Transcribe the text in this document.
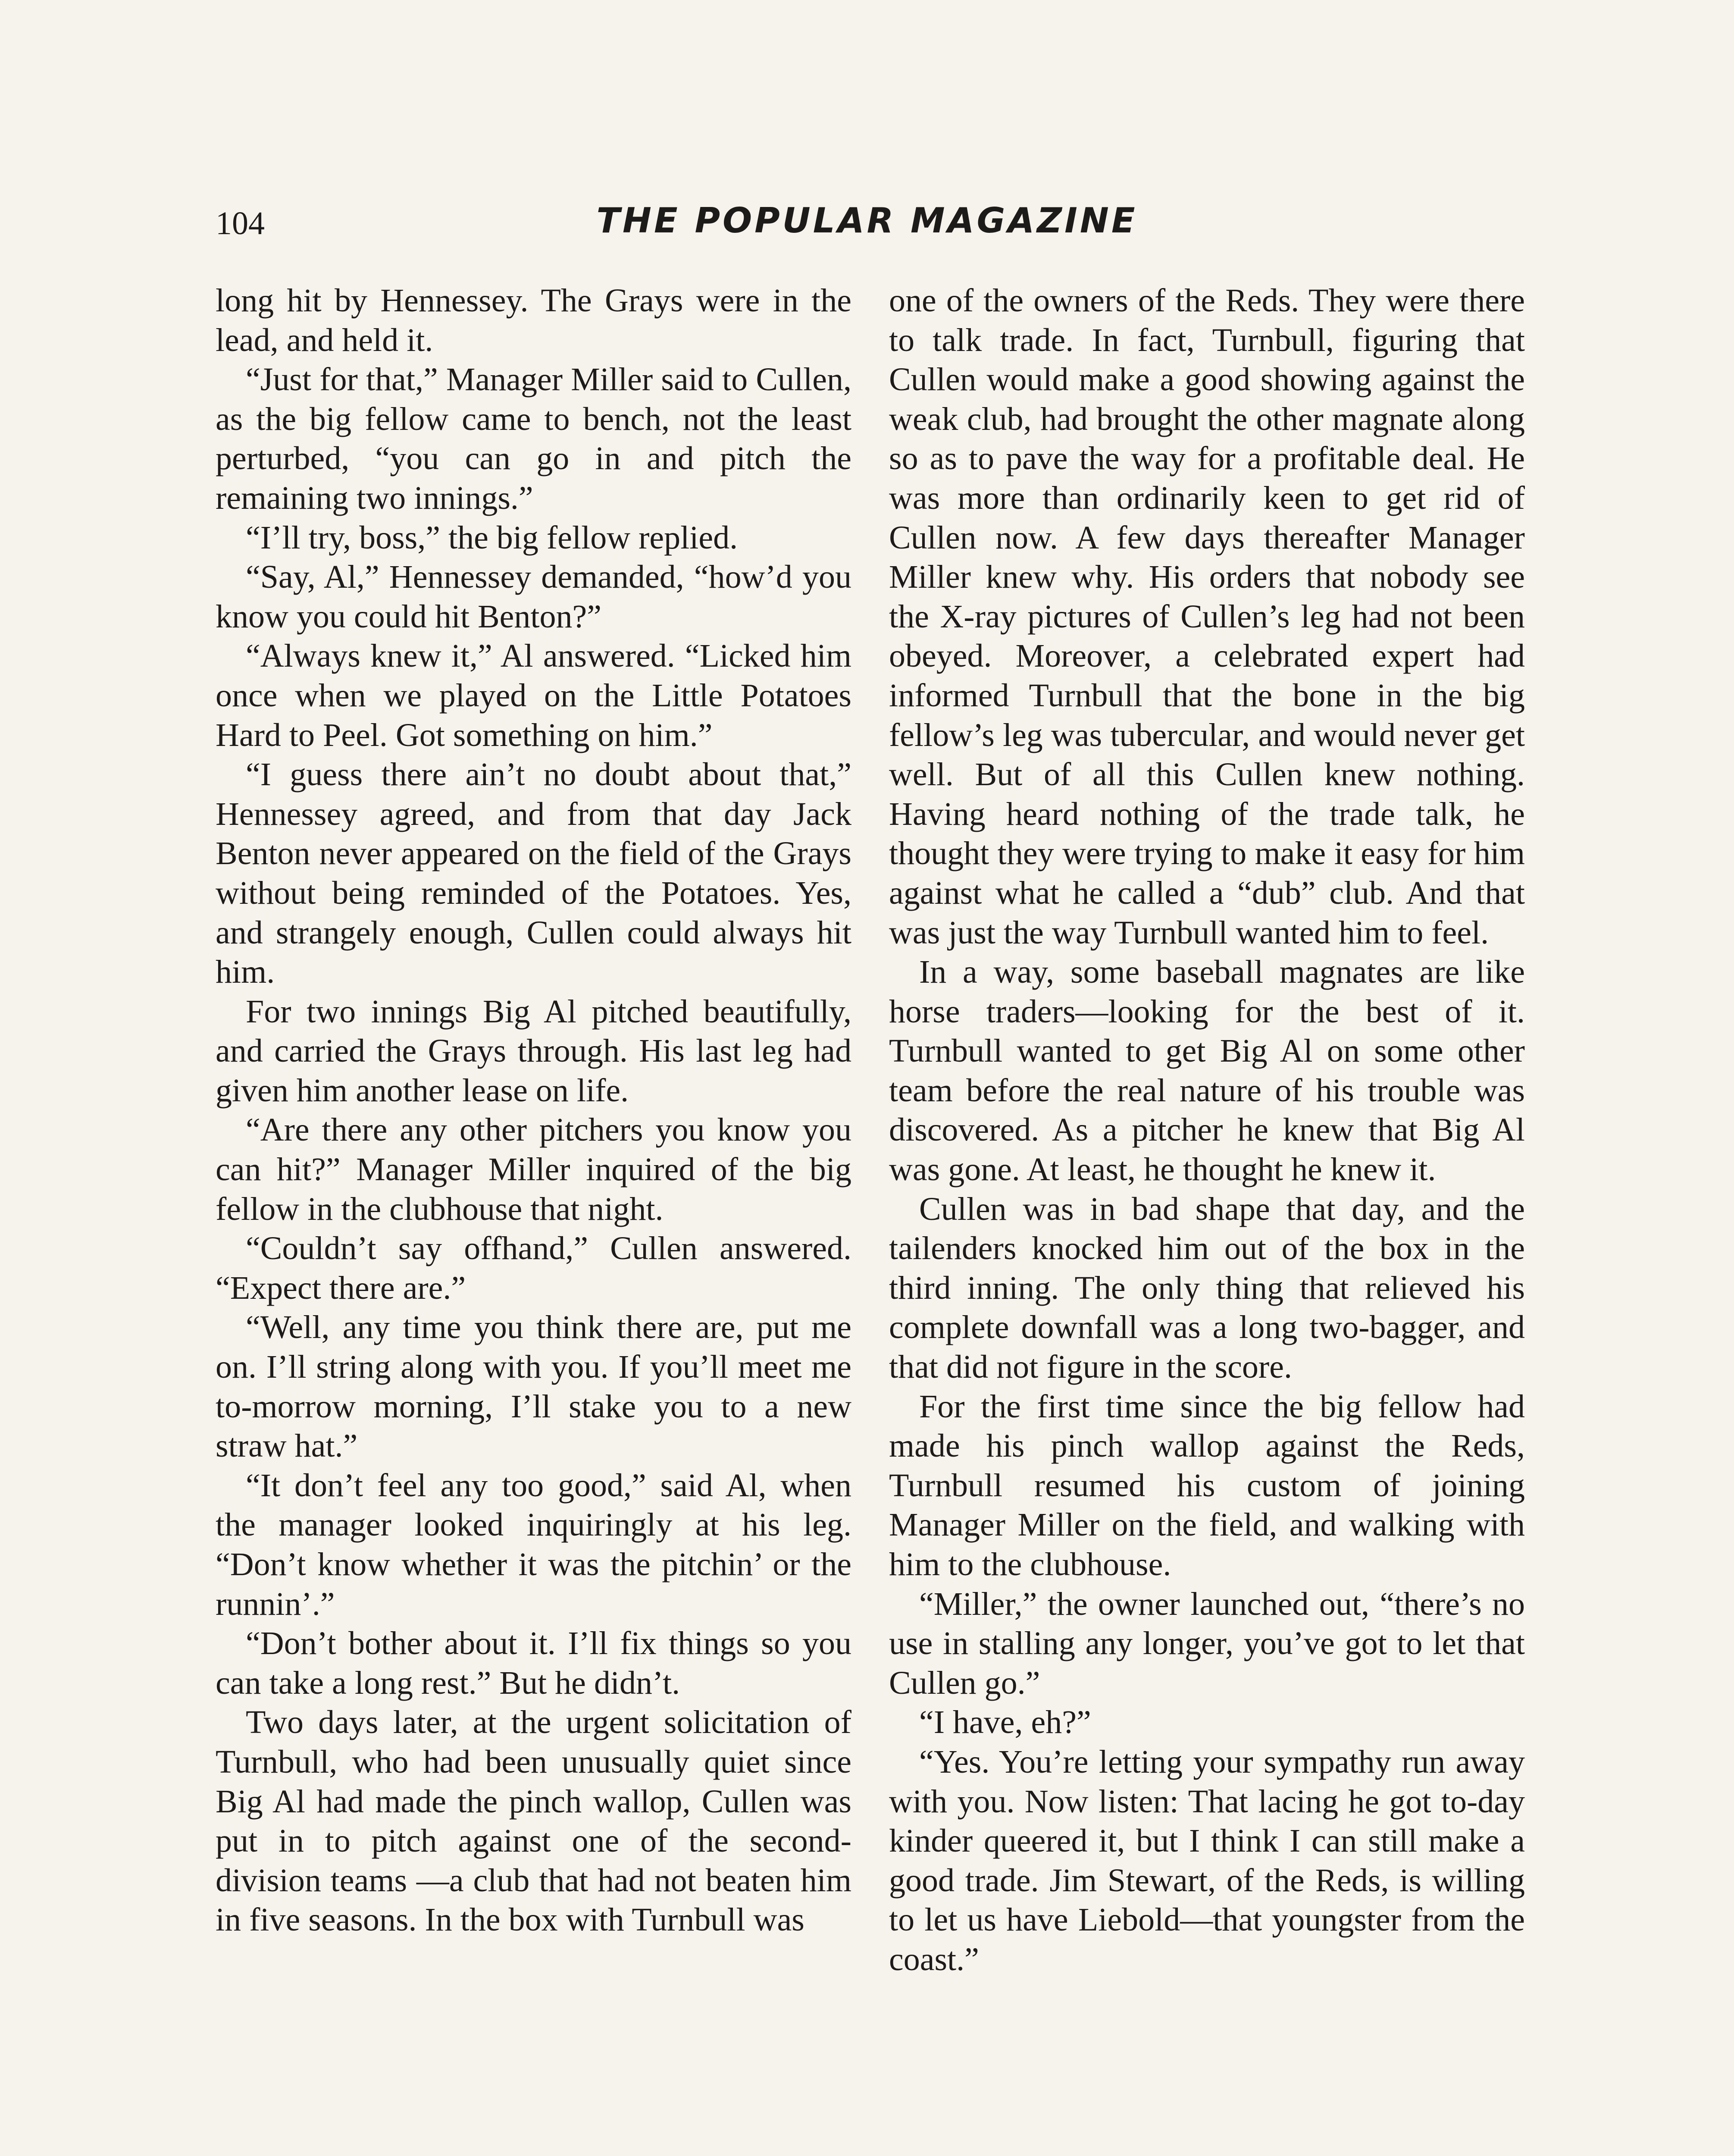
104	THE POPULAR MAGAZINE

long hit by Hennessey. The Grays were in the lead, and held it.

“Just for that,” Manager Miller said to Cullen, as the big fellow came to bench, not the least perturbed, “you can go in and pitch the remaining two innings.”

“I’ll try, boss,” the big fellow replied.

“Say, Al,” Hennessey demanded, “how’d you know you could hit Benton?”

“Always knew it,” Al answered. “Licked him once when we played on the Little Potatoes Hard to Peel. Got something on him.”

“I guess there ain’t no doubt about that,” Hennessey agreed, and from that day Jack Benton never appeared on the field of the Grays without being reminded of the Potatoes. Yes, and strangely enough, Cullen could always hit him.

For two innings Big Al pitched beautifully, and carried the Grays through. His last leg had given him another lease on life.

“Are there any other pitchers you know you can hit?” Manager Miller inquired of the big fellow in the clubhouse that night.

“Couldn’t say offhand,” Cullen answered. “Expect there are.”

“Well, any time you think there are, put me on. I’ll string along with you. If you’ll meet me to-morrow morning, I’ll stake you to a new straw hat.”

“It don’t feel any too good,” said Al, when the manager looked inquiringly at his leg. “Don’t know whether it was the pitchin’ or the runnin’.”

“Don’t bother about it. I’ll fix things so you can take a long rest.” But he didn’t.

Two days later, at the urgent solicitation of Turnbull, who had been unusually quiet since Big Al had made the pinch wallop, Cullen was put in to pitch against one of the second-division teams —a club that had not beaten him in five seasons. In the box with Turnbull was

one of the owners of the Reds. They were there to talk trade. In fact, Turnbull, figuring that Cullen would make a good showing against the weak club, had brought the other magnate along so as to pave the way for a profitable deal. He was more than ordinarily keen to get rid of Cullen now. A few days thereafter Manager Miller knew why. His orders that nobody see the X-ray pictures of Cullen’s leg had not been obeyed. Moreover, a celebrated expert had informed Turnbull that the bone in the big fellow’s leg was tubercular, and would never get well. But of all this Cullen knew nothing. Having heard nothing of the trade talk, he thought they were trying to make it easy for him against what he called a “dub” club. And that was just the way Turnbull wanted him to feel.

In a way, some baseball magnates are like horse traders—looking for the best of it. Turnbull wanted to get Big Al on some other team before the real nature of his trouble was discovered. As a pitcher he knew that Big Al was gone. At least, he thought he knew it.

Cullen was in bad shape that day, and the tailenders knocked him out of the box in the third inning. The only thing that relieved his complete downfall was a long two-bagger, and that did not figure in the score.

For the first time since the big fellow had made his pinch wallop against the Reds, Turnbull resumed his custom of joining Manager Miller on the field, and walking with him to the clubhouse.

“Miller,” the owner launched out, “there’s no use in stalling any longer, you’ve got to let that Cullen go.”

“I have, eh?”

“Yes. You’re letting your sympathy run away with you. Now listen: That lacing he got to-day kinder queered it, but I think I can still make a good trade. Jim Stewart, of the Reds, is willing to let us have Liebold—that youngster from the coast.”
